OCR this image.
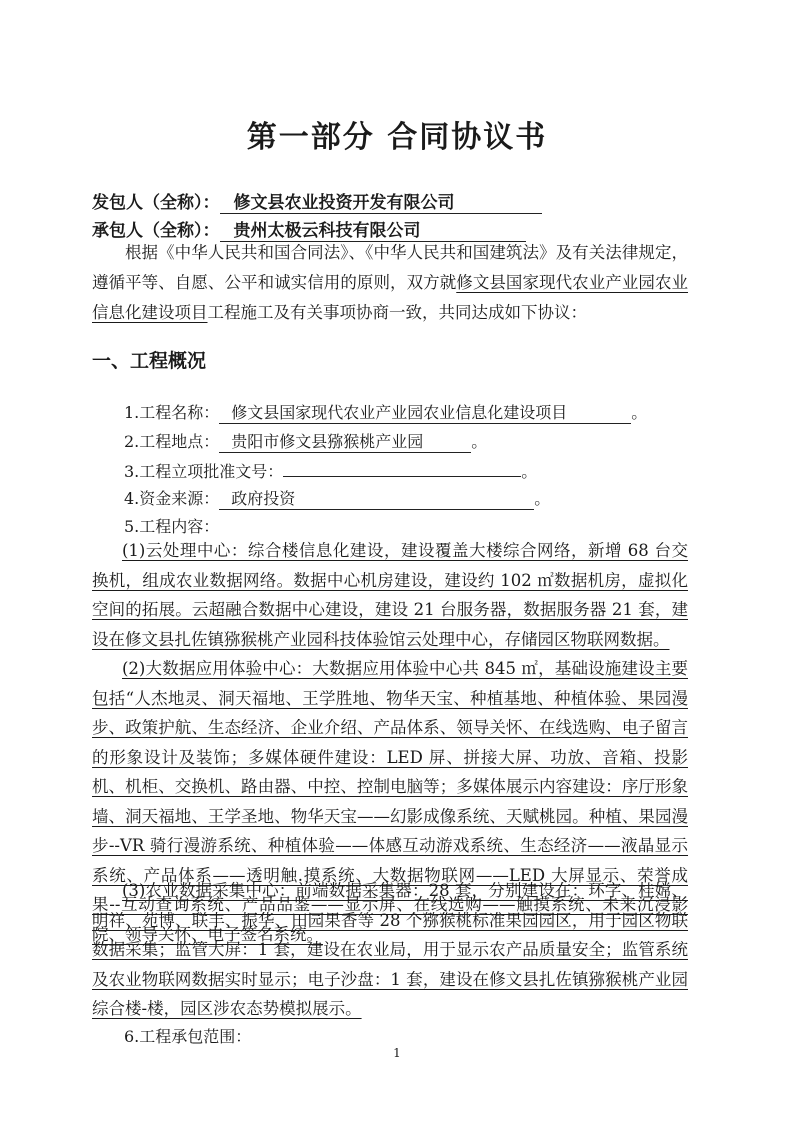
第一部分 合同协议书
发包人（全称）： 修文县农业投资开发有限公司
承包人（全称）： 贵州太极云科技有限公司
根据《中华人民共和国合同法》、《中华人民共和国建筑法》及有关法律规定，遵循平等、自愿、公平和诚实信用的原则，双方就修文县国家现代农业产业园农业信息化建设项目工程施工及有关事项协商一致，共同达成如下协议：
一、工程概况
1.工程名称： 修文县国家现代农业产业园农业信息化建设项目	。
2.工程地点： 贵阳市修文县猕猴桃产业园	。
3.工程立项批准文号：	。
4.资金来源： 政府投资	。
5.工程内容：
(1)云处理中心：综合楼信息化建设，建设覆盖大楼综合网络，新增 68 台交换机，组成农业数据网络。数据中心机房建设，建设约 102 ㎡数据机房，虚拟化空间的拓展。云超融合数据中心建设，建设 21 台服务器，数据服务器 21 套，建设在修文县扎佐镇猕猴桃产业园科技体验馆云处理中心，存储园区物联网数据。
(2)大数据应用体验中心：大数据应用体验中心共 845 ㎡，基础设施建设主要包括“人杰地灵、洞天福地、王学胜地、物华天宝、种植基地、种植体验、果园漫步、政策护航、生态经济、企业介绍、产品体系、领导关怀、在线选购、电子留言的形象设计及装饰；多媒体硬件建设：LED 屏、拼接大屏、功放、音箱、投影机、机柜、交换机、路由器、中控、控制电脑等；多媒体展示内容建设：序厅形象墙、洞天福地、王学圣地、物华天宝——幻影成像系统、天赋桃园。种植、果园漫步--VR 骑行漫游系统、种植体验——体感互动游戏系统、生态经济——液晶显示系统、产品体系——透明触.摸系统、大数据物联网——LED 大屏显示、荣誉成果--互动查询系统、产品品鉴——显示屏、在线选购——触摸系统、未来沉浸影院、领导关怀、电子签名系统。
(3)农业数据采集中心：前端数据采集器：28 套，分别建设在：环字、桂嫦、明祥、苑博、联丰、振华、田园果香等 28 个猕猴桃标准果园园区，用于园区物联数据采集；监管大屏：1 套，建设在农业局，用于显示农产品质量安全；监管系统及农业物联网数据实时显示；电子沙盘：1 套，建设在修文县扎佐镇猕猴桃产业园综合楼-楼，园区涉农态势模拟展示。
6.工程承包范围：
1
